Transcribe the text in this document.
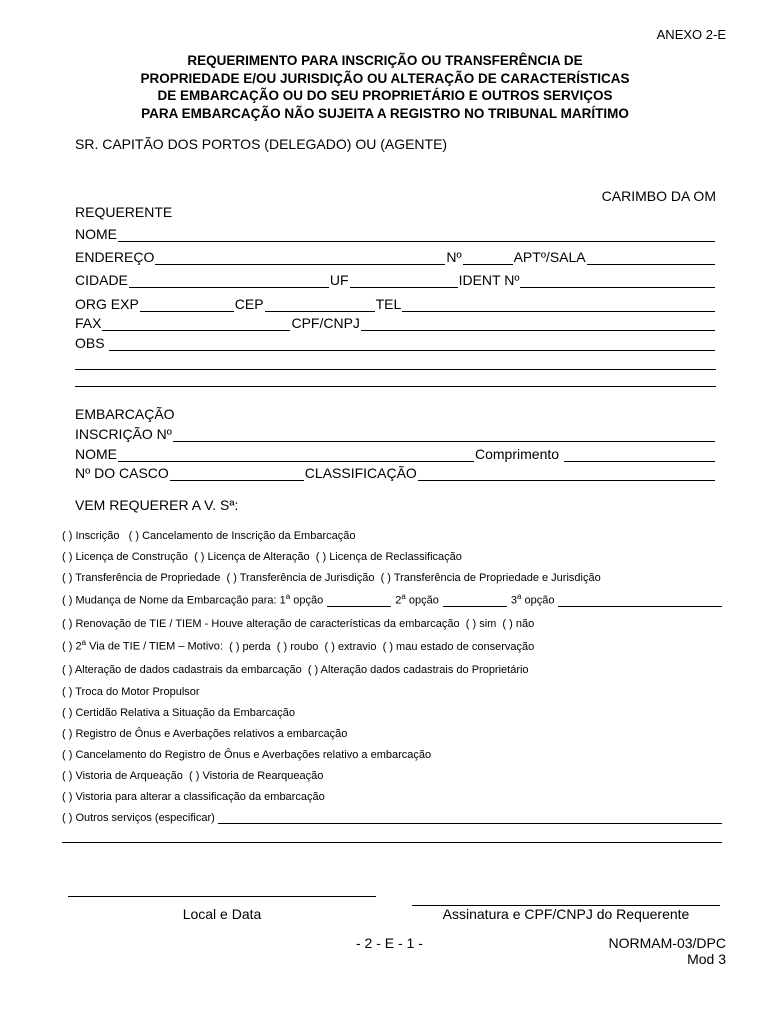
ANEXO 2-E
REQUERIMENTO PARA INSCRIÇÃO OU TRANSFERÊNCIA DE
PROPRIEDADE E/OU JURISDIÇÃO OU ALTERAÇÃO DE CARACTERÍSTICAS
DE EMBARCAÇÃO OU DO SEU PROPRIETÁRIO E OUTROS SERVIÇOS
PARA EMBARCAÇÃO NÃO SUJEITA A REGISTRO NO TRIBUNAL MARÍTIMO
SR. CAPITÃO DOS PORTOS (DELEGADO) OU (AGENTE)
CARIMBO DA OM
REQUERENTE
NOME
ENDEREÇO	Nº	APTº/SALA
CIDADE	UF	IDENT Nº
ORG EXP	CEP	TEL
FAX	CPF/CNPJ
OBS
EMBARCAÇÃO
INSCRIÇÃO Nº
NOME	Comprimento
Nº DO CASCO	CLASSIFICAÇÃO
VEM REQUERER A V. Sª:
( ) Inscrição
( ) Cancelamento de Inscrição da Embarcação
( ) Licença de Construção
( ) Licença de Alteração
( ) Licença de Reclassificação
( ) Transferência de Propriedade
( ) Transferência de Jurisdição
( ) Transferência de Propriedade e Jurisdição
( ) Mudança de Nome da Embarcação para: 1$^a$ opção	2$^a$ opção	3$^a$ opção
( ) Renovação de TIE / TIEM - Houve alteração de características da embarcação
( ) sim
( ) não
( ) 2$^a$ Via de TIE / TIEM – Motivo:
( ) perda
( ) roubo
( ) extravio
( ) mau estado de conservação
( ) Alteração de dados cadastrais da embarcação
( ) Alteração dados cadastrais do Proprietário
( ) Troca do Motor Propulsor
( ) Certidão Relativa a Situação da Embarcação
( ) Registro de Ônus e Averbações relativos a embarcação
( ) Cancelamento do Registro de Ônus e Averbações relativo a embarcação
( ) Vistoria de Arqueação
( ) Vistoria de Rearqueação
( ) Vistoria para alterar a classificação da embarcação
( ) Outros serviços (especificar)
Local e Data	Assinatura e CPF/CNPJ do Requerente
- 2 - E - 1 -	NORMAM-03/DPC
Mod 3
